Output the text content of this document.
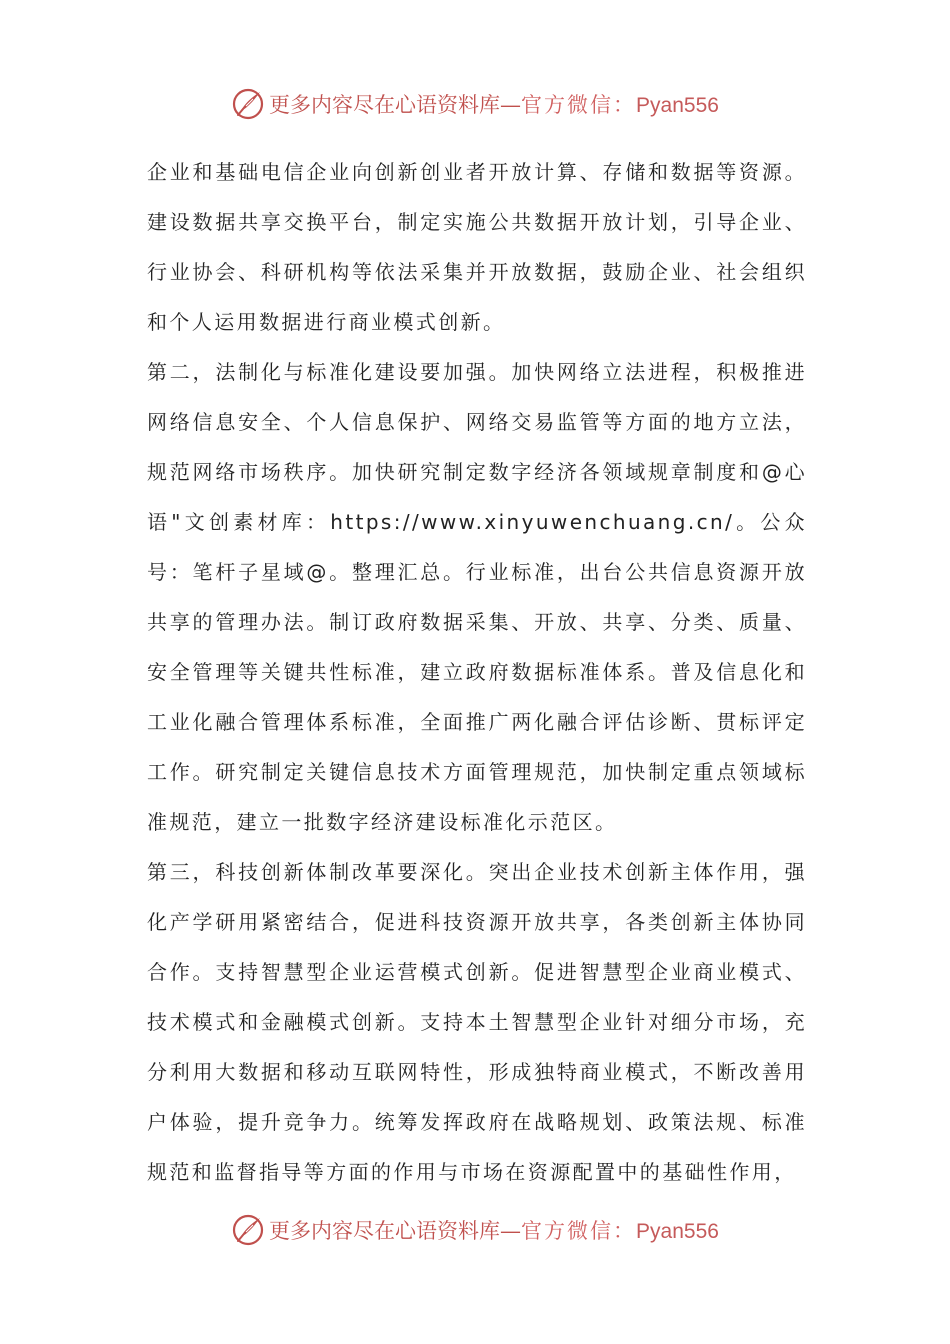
更多内容尽在心语资料库—官方微信：Pyan556

企业和基础电信企业向创新创业者开放计算、存储和数据等资源。建设数据共享交换平台，制定实施公共数据开放计划，引导企业、行业协会、科研机构等依法采集并开放数据，鼓励企业、社会组织和个人运用数据进行商业模式创新。

第二，法制化与标准化建设要加强。加快网络立法进程，积极推进网络信息安全、个人信息保护、网络交易监管等方面的地方立法，规范网络市场秩序。加快研究制定数字经济各领域规章制度和@心语"文创素材库：https://www.xinyuwenchuang.cn/。公众号：笔杆子星域@。整理汇总。行业标准，出台公共信息资源开放共享的管理办法。制订政府数据采集、开放、共享、分类、质量、安全管理等关键共性标准，建立政府数据标准体系。普及信息化和工业化融合管理体系标准，全面推广两化融合评估诊断、贯标评定工作。研究制定关键信息技术方面管理规范，加快制定重点领域标准规范，建立一批数字经济建设标准化示范区。

第三，科技创新体制改革要深化。突出企业技术创新主体作用，强化产学研用紧密结合，促进科技资源开放共享，各类创新主体协同合作。支持智慧型企业运营模式创新。促进智慧型企业商业模式、技术模式和金融模式创新。支持本土智慧型企业针对细分市场，充分利用大数据和移动互联网特性，形成独特商业模式，不断改善用户体验，提升竞争力。统筹发挥政府在战略规划、政策法规、标准规范和监督指导等方面的作用与市场在资源配置中的基础性作用，

更多内容尽在心语资料库—官方微信：Pyan556
